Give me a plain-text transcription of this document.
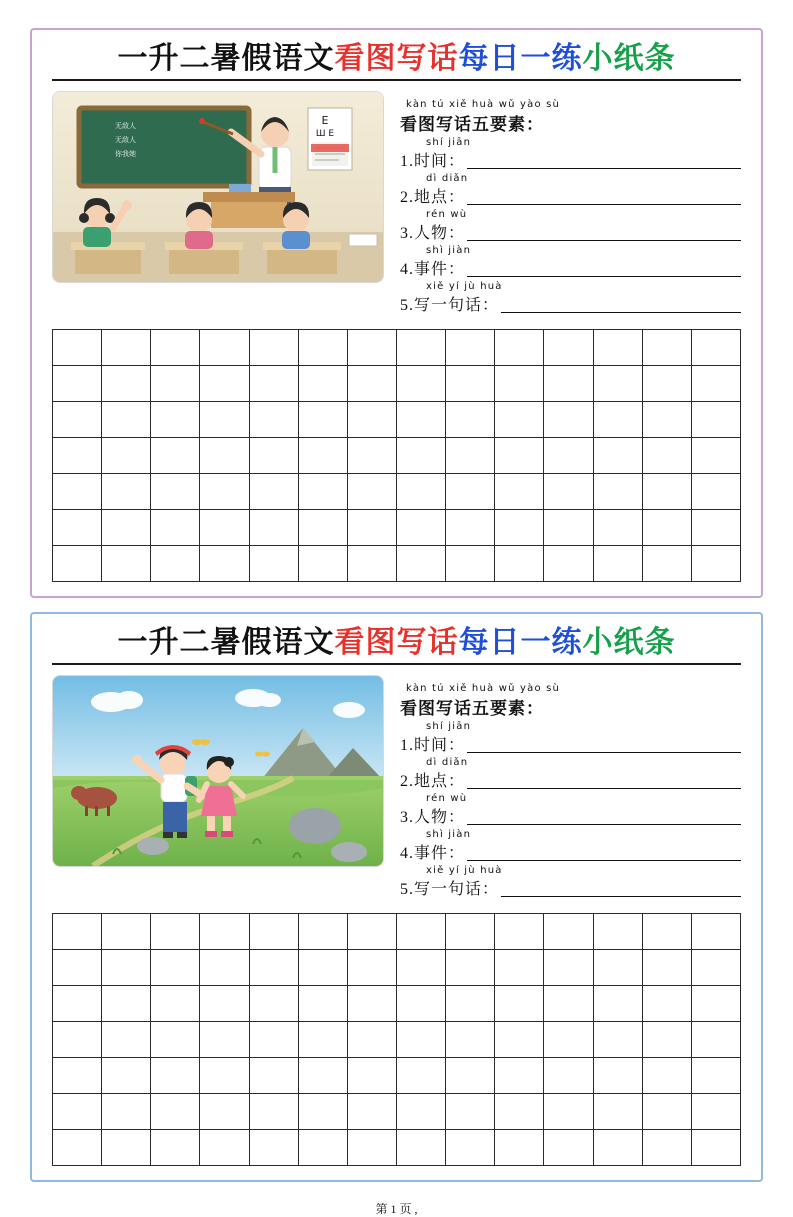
一升二暑假语文看图写话每日一练小纸条
无敌人
无敌人
你我她
E
Ш E
kàn tú xiě huà wǔ yào sù
看图写话五要素：
shí jiān
1.时间：
dì diǎn
2.地点：
rén wù
3.人物：
shì jiàn
4.事件：
xiě yí jù huà
5.写一句话：
一升二暑假语文看图写话每日一练小纸条
kàn tú xiě huà wǔ yào sù
看图写话五要素：
shí jiān
1.时间：
dì diǎn
2.地点：
rén wù
3.人物：
shì jiàn
4.事件：
xiě yí jù huà
5.写一句话：
第 1 页 ,
